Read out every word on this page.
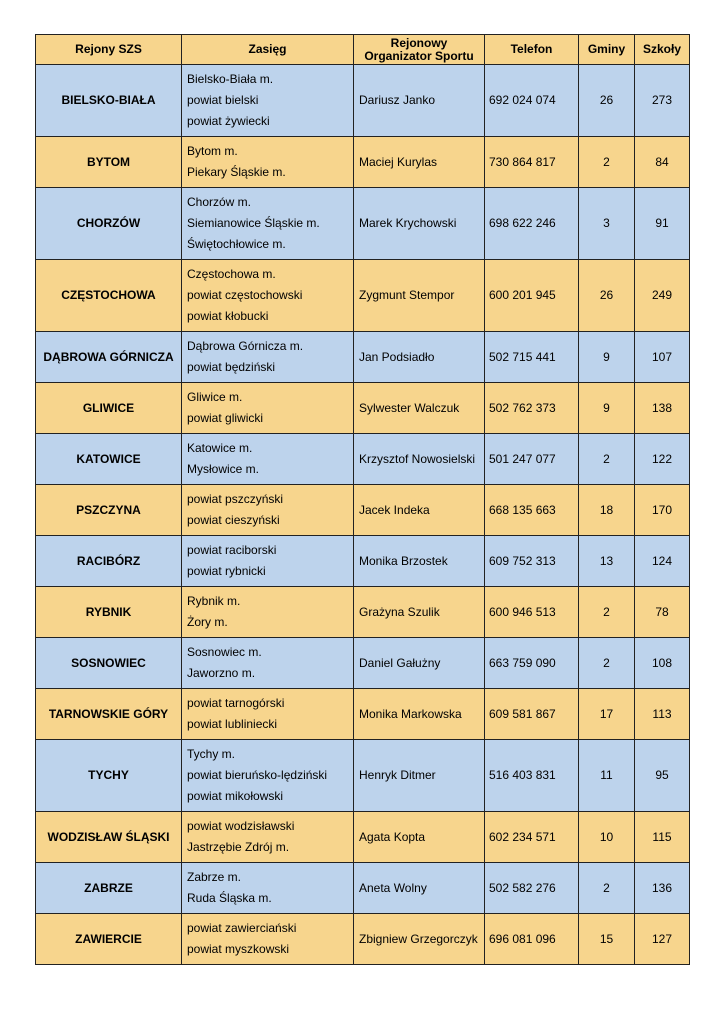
Rejony SZS	Zasięg	Rejonowy
Organizator Sportu	Telefon	Gminy	Szkoły
BIELSKO-BIAŁA	Bielsko-Biała m.
powiat bielski
powiat żywiecki	Dariusz Janko	692 024 074	26	273
BYTOM	Bytom m.
Piekary Śląskie m.	Maciej Kurylas	730 864 817	2	84
CHORZÓW	Chorzów m.
Siemianowice Śląskie m.
Świętochłowice m.	Marek Krychowski	698 622 246	3	91
CZĘSTOCHOWA	Częstochowa m.
powiat częstochowski
powiat kłobucki	Zygmunt Stempor	600 201 945	26	249
DĄBROWA GÓRNICZA	Dąbrowa Górnicza m.
powiat będziński	Jan Podsiadło	502 715 441	9	107
GLIWICE	Gliwice m.
powiat gliwicki	Sylwester Walczuk	502 762 373	9	138
KATOWICE	Katowice m.
Mysłowice m.	Krzysztof Nowosielski	501 247 077	2	122
PSZCZYNA	powiat pszczyński
powiat cieszyński	Jacek Indeka	668 135 663	18	170
RACIBÓRZ	powiat raciborski
powiat rybnicki	Monika Brzostek	609 752 313	13	124
RYBNIK	Rybnik m.
Żory m.	Grażyna Szulik	600 946 513	2	78
SOSNOWIEC	Sosnowiec m.
Jaworzno m.	Daniel Gałużny	663 759 090	2	108
TARNOWSKIE GÓRY	powiat tarnogórski
powiat lubliniecki	Monika Markowska	609 581 867	17	113
TYCHY	Tychy m.
powiat bieruńsko-lędziński
powiat mikołowski	Henryk Ditmer	516 403 831	11	95
WODZISŁAW ŚLĄSKI	powiat wodzisławski
Jastrzębie Zdrój m.	Agata Kopta	602 234 571	10	115
ZABRZE	Zabrze m.
Ruda Śląska m.	Aneta Wolny	502 582 276	2	136
ZAWIERCIE	powiat zawierciański
powiat myszkowski	Zbigniew Grzegorczyk	696 081 096	15	127
